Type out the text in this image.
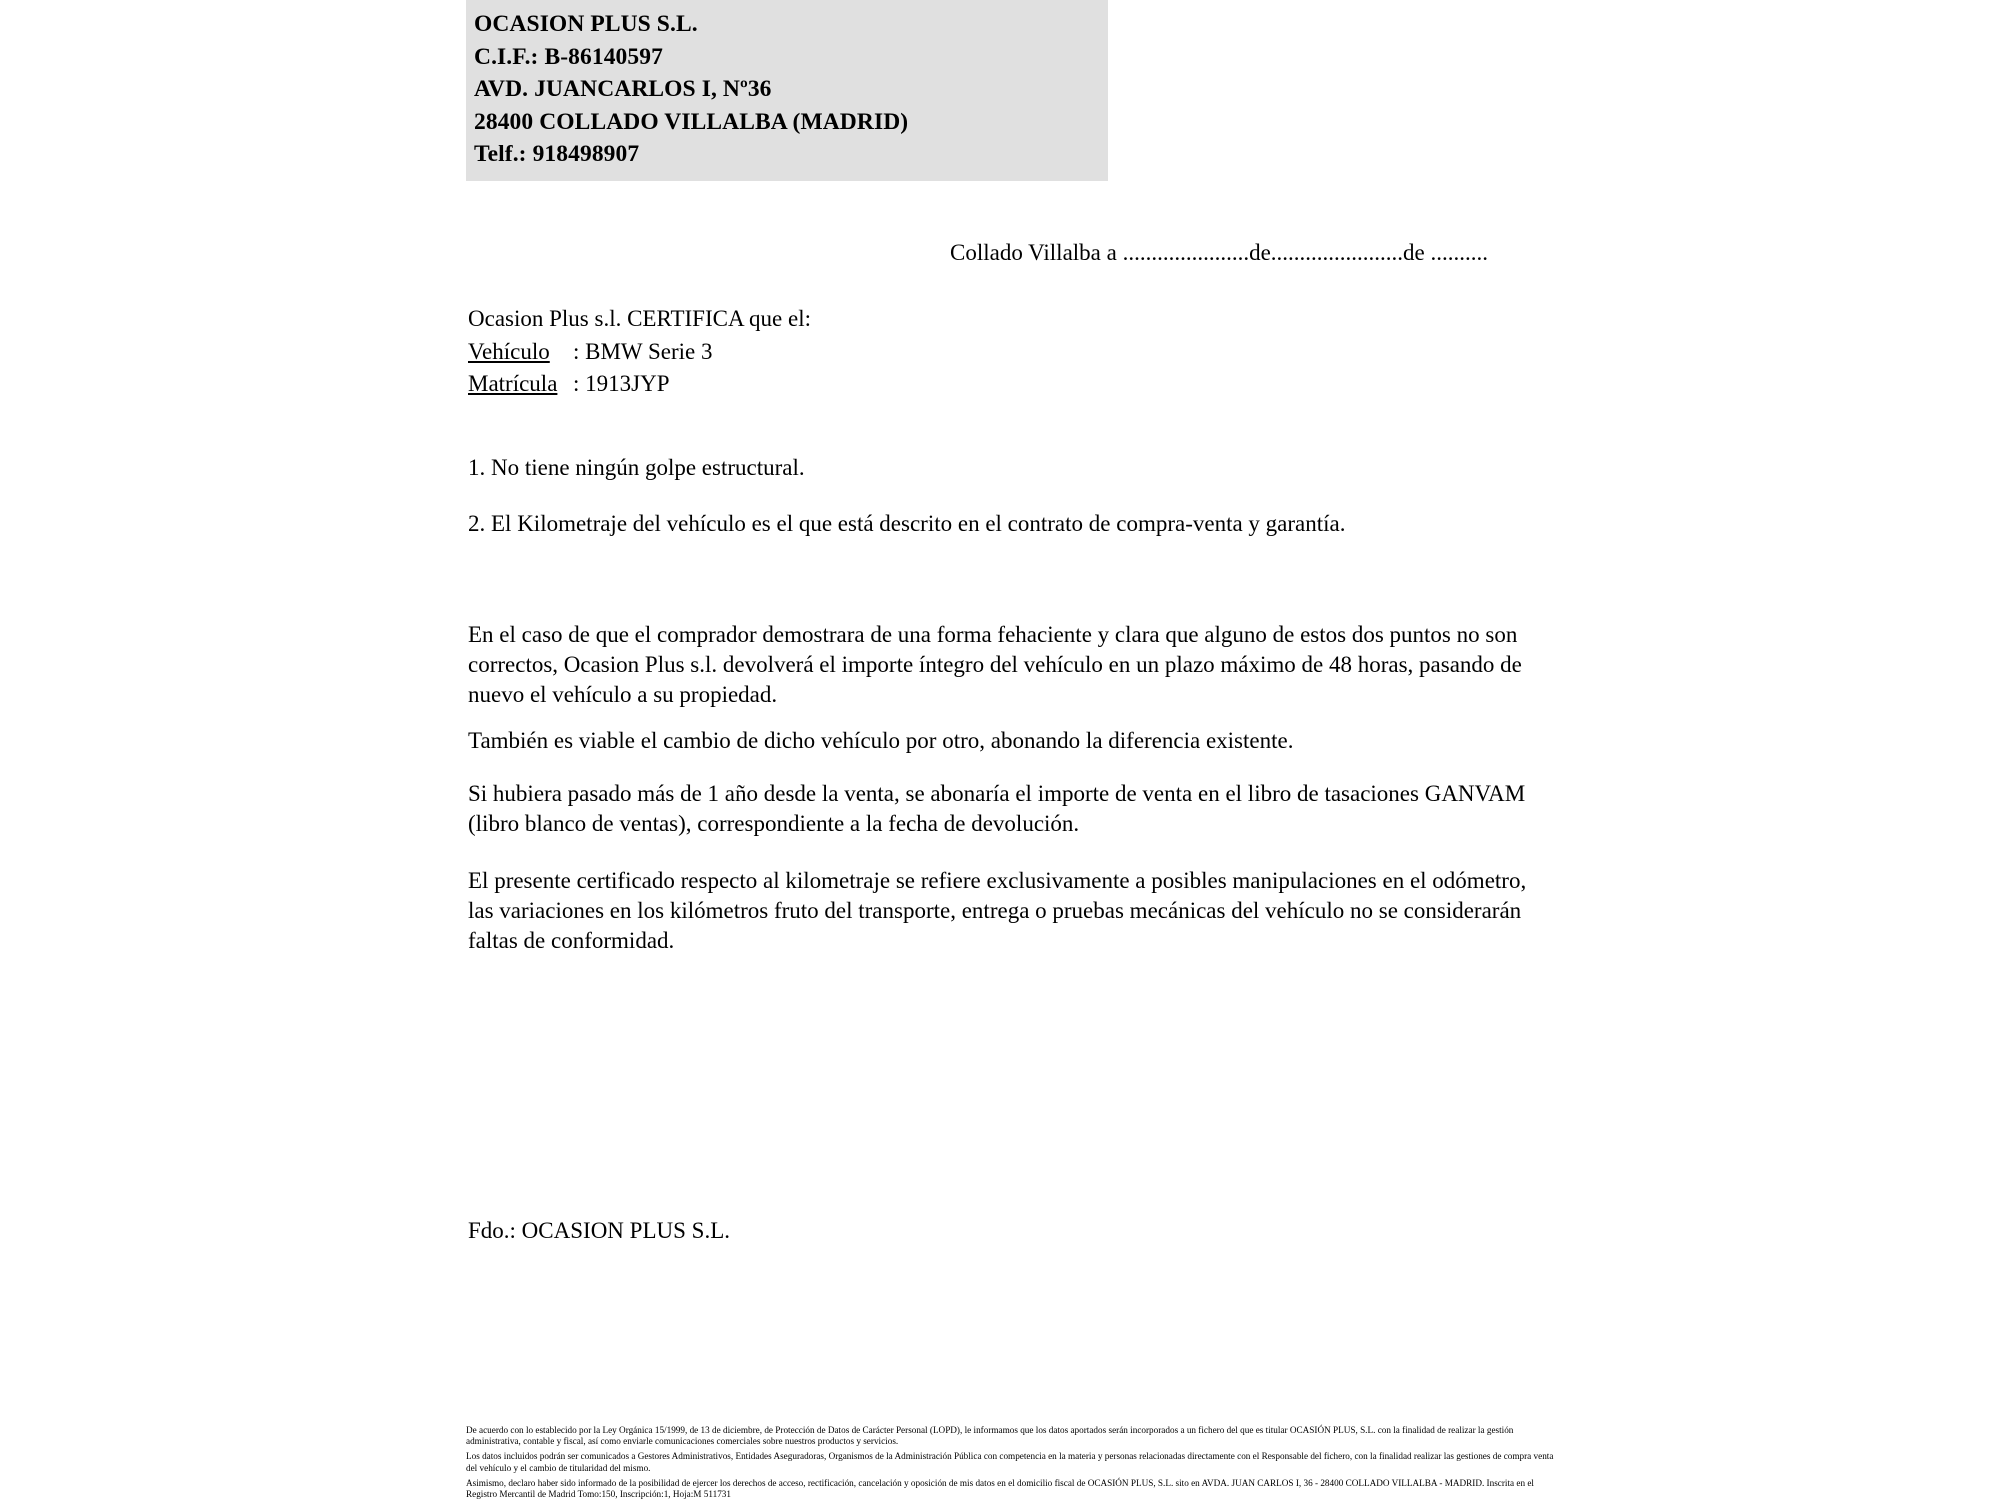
OCASION PLUS S.L.
C.I.F.: B-86140597
AVD. JUANCARLOS I, Nº36
28400 COLLADO VILLALBA (MADRID)
Telf.: 918498907
Collado Villalba a ......................de.......................de ..........
Ocasion Plus s.l. CERTIFICA que el:
Vehículo : BMW Serie 3
Matrícula : 1913JYP
1. No tiene ningún golpe estructural.
2. El Kilometraje del vehículo es el que está descrito en el contrato de compra-venta y garantía.
En el caso de que el comprador demostrara de una forma fehaciente y clara que alguno de estos dos puntos no son correctos, Ocasion Plus s.l. devolverá el importe íntegro del vehículo en un plazo máximo de 48 horas, pasando de nuevo el vehículo a su propiedad.
También es viable el cambio de dicho vehículo por otro, abonando la diferencia existente.
Si hubiera pasado más de 1 año desde la venta, se abonaría el importe de venta en el libro de tasaciones GANVAM (libro blanco de ventas), correspondiente a la fecha de devolución.
El presente certificado respecto al kilometraje se refiere exclusivamente a posibles manipulaciones en el odómetro, las variaciones en los kilómetros fruto del transporte, entrega o pruebas mecánicas del vehículo no se considerarán faltas de conformidad.
Fdo.: OCASION PLUS S.L.

De acuerdo con lo establecido por la Ley Orgánica 15/1999, de 13 de diciembre, de Protección de Datos de Carácter Personal (LOPD), le informamos que los datos aportados serán incorporados a un fichero del que es titular OCASIÓN PLUS, S.L. con la finalidad de realizar la gestión administrativa, contable y fiscal, así como enviarle comunicaciones comerciales sobre nuestros productos y servicios.

Los datos incluidos podrán ser comunicados a Gestores Administrativos, Entidades Aseguradoras, Organismos de la Administración Pública con competencia en la materia y personas relacionadas directamente con el Responsable del fichero, con la finalidad realizar las gestiones de compra venta del vehículo y el cambio de titularidad del mismo.

Asimismo, declaro haber sido informado de la posibilidad de ejercer los derechos de acceso, rectificación, cancelación y oposición de mis datos en el domicilio fiscal de OCASIÓN PLUS, S.L. sito en AVDA. JUAN CARLOS I, 36 - 28400 COLLADO VILLALBA - MADRID. Inscrita en el Registro Mercantil de Madrid Tomo:150, Inscripción:1, Hoja:M 511731
